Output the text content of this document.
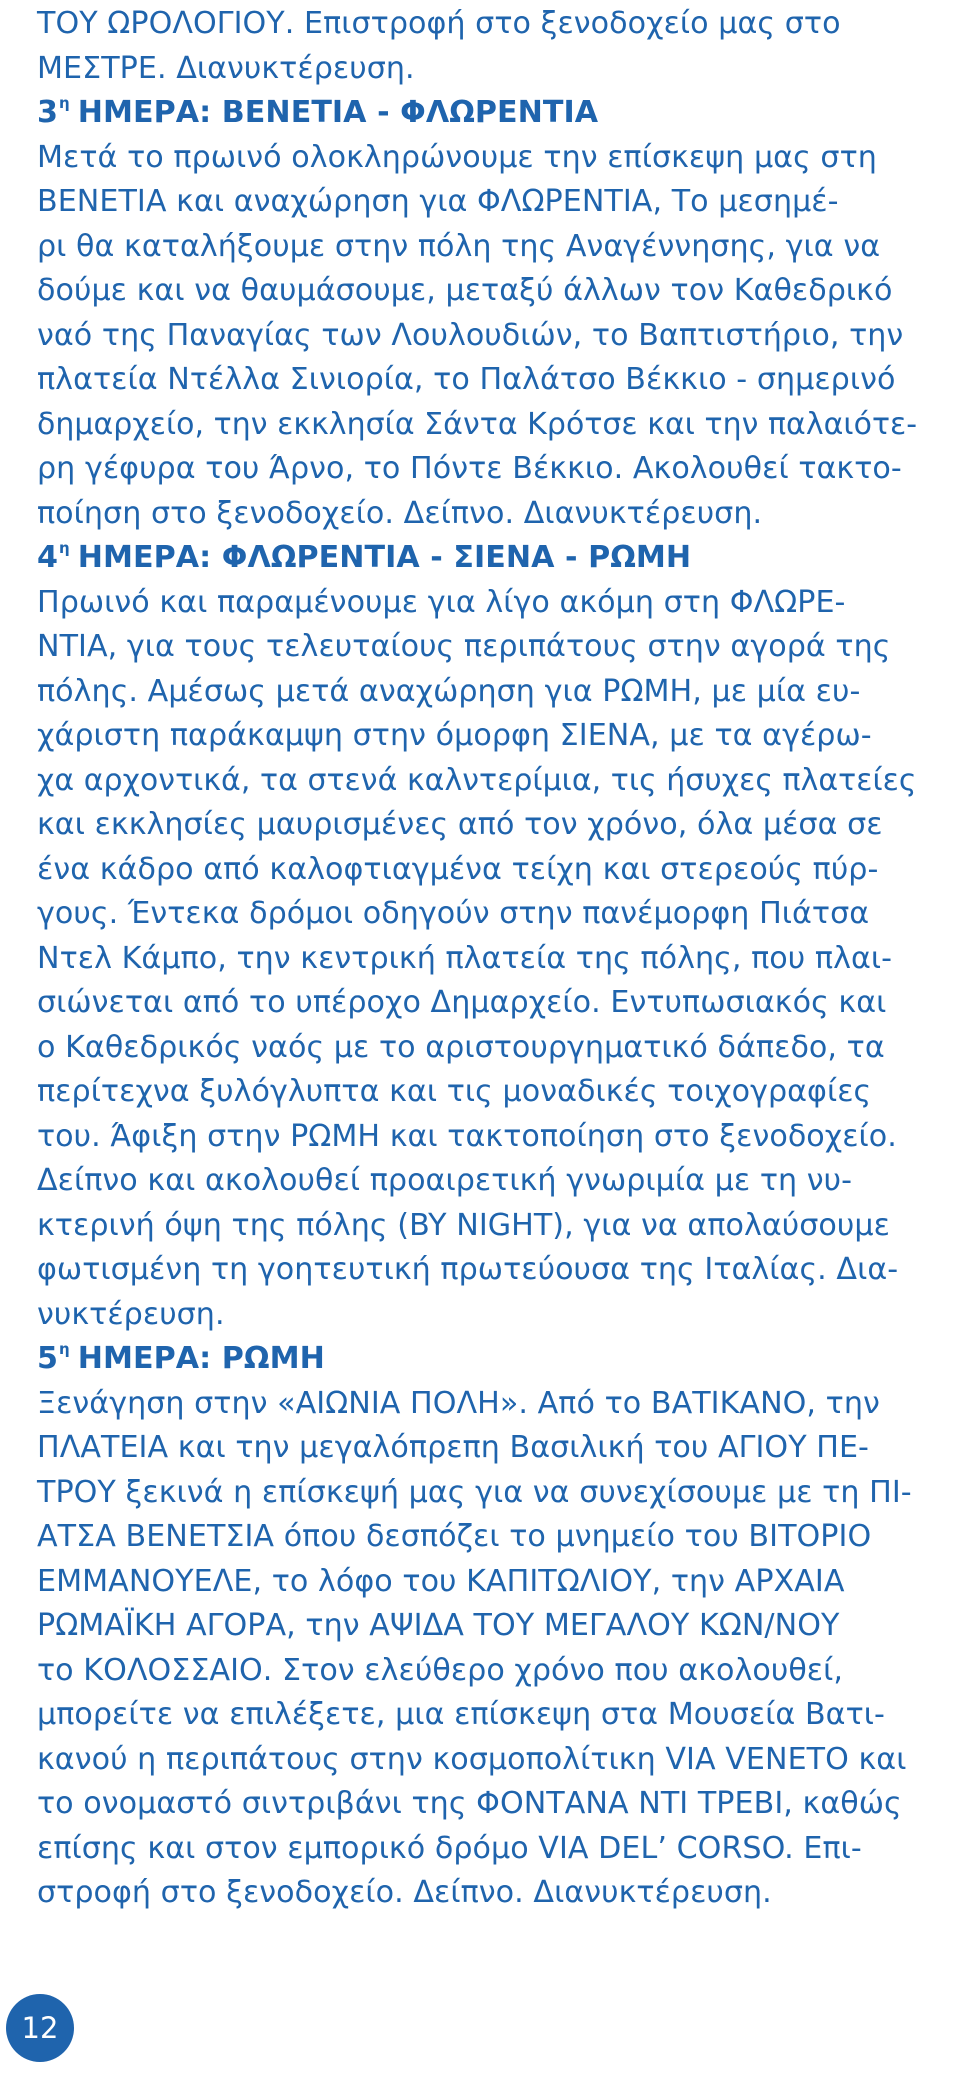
ΤΟΥ ΩΡΟΛΟΓΙΟΥ. Επιστροφή στο ξενοδοχείο μας στο
ΜΕΣΤΡΕ. Διανυκτέρευση.
$3^\eta$ ΗΜΕΡΑ: ΒΕΝΕΤΙΑ - ΦΛΩΡΕΝΤΙΑ
Μετά το πρωινό ολοκληρώνουμε την επίσκεψη μας στη
ΒΕΝΕΤΙΑ και αναχώρηση για ΦΛΩΡΕΝΤΙΑ, Το μεσημέ-
ρι θα καταλήξουμε στην πόλη της Αναγέννησης, για να
δούμε και να θαυμάσουμε, μεταξύ άλλων τον Καθεδρικό
ναό της Παναγίας των Λουλουδιών, το Βαπτιστήριο, την
πλατεία Ντέλλα Σινιορία, το Παλάτσο Βέκκιο - σημερινό
δημαρχείο, την εκκλησία Σάντα Κρότσε και την παλαιότε-
ρη γέφυρα του Άρνο, το Πόντε Βέκκιο. Ακολουθεί τακτο-
ποίηση στο ξενοδοχείο. Δείπνο. Διανυκτέρευση.
$4^\eta$ ΗΜΕΡΑ: ΦΛΩΡΕΝΤΙΑ - ΣΙΕΝΑ - ΡΩΜΗ
Πρωινό και παραμένουμε για λίγο ακόμη στη ΦΛΩΡΕ-
ΝΤΙΑ, για τους τελευταίους περιπάτους στην αγορά της
πόλης. Αμέσως μετά αναχώρηση για ΡΩΜΗ, με μία ευ-
χάριστη παράκαμψη στην όμορφη ΣΙΕΝΑ, με τα αγέρω-
χα αρχοντικά, τα στενά καλντερίμια, τις ήσυχες πλατείες
και εκκλησίες μαυρισμένες από τον χρόνο, όλα μέσα σε
ένα κάδρο από καλοφτιαγμένα τείχη και στερεούς πύρ-
γους. Έντεκα δρόμοι οδηγούν στην πανέμορφη Πιάτσα
Ντελ Κάμπο, την κεντρική πλατεία της πόλης, που πλαι-
σιώνεται από το υπέροχο Δημαρχείο. Εντυπωσιακός και
ο Καθεδρικός ναός με το αριστουργηματικό δάπεδο, τα
περίτεχνα ξυλόγλυπτα και τις μοναδικές τοιχογραφίες
του. Άφιξη στην ΡΩΜΗ και τακτοποίηση στο ξενοδοχείο.
Δείπνο και ακολουθεί προαιρετική γνωριμία με τη νυ-
κτερινή όψη της πόλης (BY NIGHT), για να απολαύσουμε
φωτισμένη τη γοητευτική πρωτεύουσα της Ιταλίας. Δια-
νυκτέρευση.
$5^\eta$ ΗΜΕΡΑ: ΡΩΜΗ
Ξενάγηση στην «ΑΙΩΝΙΑ ΠΟΛΗ». Από το ΒΑΤΙΚΑΝΟ, την
ΠΛΑΤΕΙΑ και την μεγαλόπρεπη Βασιλική του ΑΓΙΟΥ ΠΕ-
ΤΡΟΥ ξεκινά η επίσκεψή μας για να συνεχίσουμε με τη ΠΙ-
ΑΤΣΑ ΒΕΝΕΤΣΙΑ όπου δεσπόζει το μνημείο του ΒΙΤΟΡΙΟ
ΕΜΜΑΝΟΥΕΛΕ, το λόφο του ΚΑΠΙΤΩΛΙΟΥ, την ΑΡΧΑΙΑ
ΡΩΜΑΪΚΗ ΑΓΟΡΑ, την ΑΨΙΔΑ ΤΟΥ ΜΕΓΑΛΟΥ ΚΩΝ/ΝΟΥ
το ΚΟΛΟΣΣΑΙΟ. Στον ελεύθερο χρόνο που ακολουθεί,
μπορείτε να επιλέξετε, μια επίσκεψη στα Μουσεία Βατι-
κανού η περιπάτους στην κοσμοπολίτικη VIA VENETO και
το ονομαστό σιντριβάνι της ΦΟΝΤΑΝΑ ΝΤΙ ΤΡΕΒΙ, καθώς
επίσης και στον εμπορικό δρόμο VIA DEL’ CORSO. Επι-
στροφή στο ξενοδοχείο. Δείπνο. Διανυκτέρευση.
12
